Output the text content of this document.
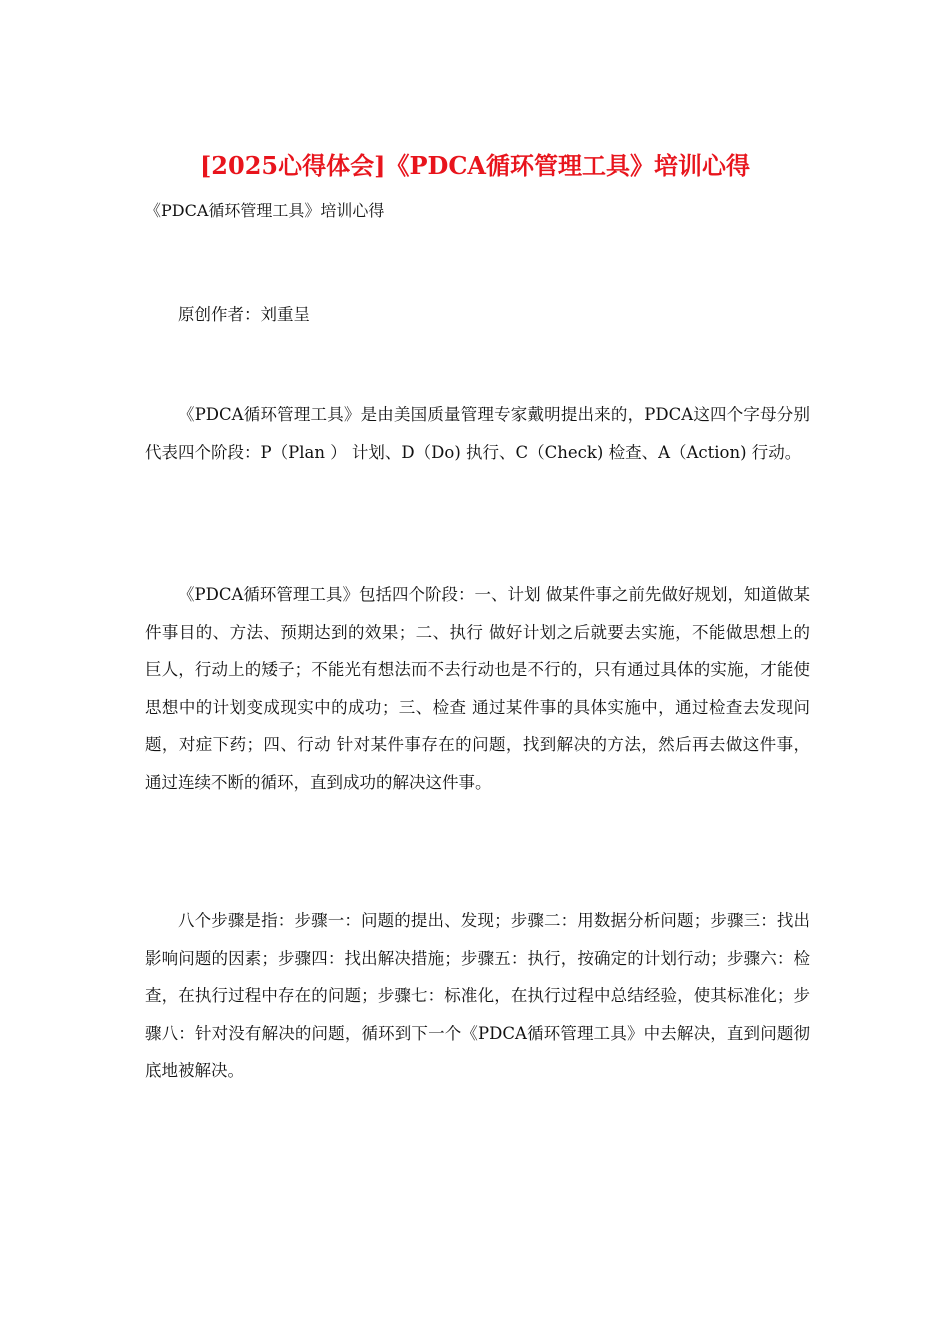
[2025心得体会]《PDCA循环管理工具》培训心得

《PDCA循环管理工具》培训心得

原创作者：刘重呈

《PDCA循环管理工具》是由美国质量管理专家戴明提出来的，PDCA这四个字母分别代表四个阶段：P（Plan ） 计划、D（Do) 执行、C（Check) 检查、A（Action) 行动。

《PDCA循环管理工具》包括四个阶段：一、计划 做某件事之前先做好规划，知道做某件事目的、方法、预期达到的效果；二、执行 做好计划之后就要去实施，不能做思想上的巨人，行动上的矮子；不能光有想法而不去行动也是不行的，只有通过具体的实施，才能使思想中的计划变成现实中的成功；三、检查 通过某件事的具体实施中，通过检查去发现问题，对症下药；四、行动 针对某件事存在的问题，找到解决的方法，然后再去做这件事，通过连续不断的循环，直到成功的解决这件事。

八个步骤是指：步骤一：问题的提出、发现；步骤二：用数据分析问题；步骤三：找出影响问题的因素；步骤四：找出解决措施；步骤五：执行，按确定的计划行动；步骤六：检查，在执行过程中存在的问题；步骤七：标准化，在执行过程中总结经验，使其标准化；步骤八：针对没有解决的问题，循环到下一个《PDCA循环管理工具》中去解决，直到问题彻底地被解决。
